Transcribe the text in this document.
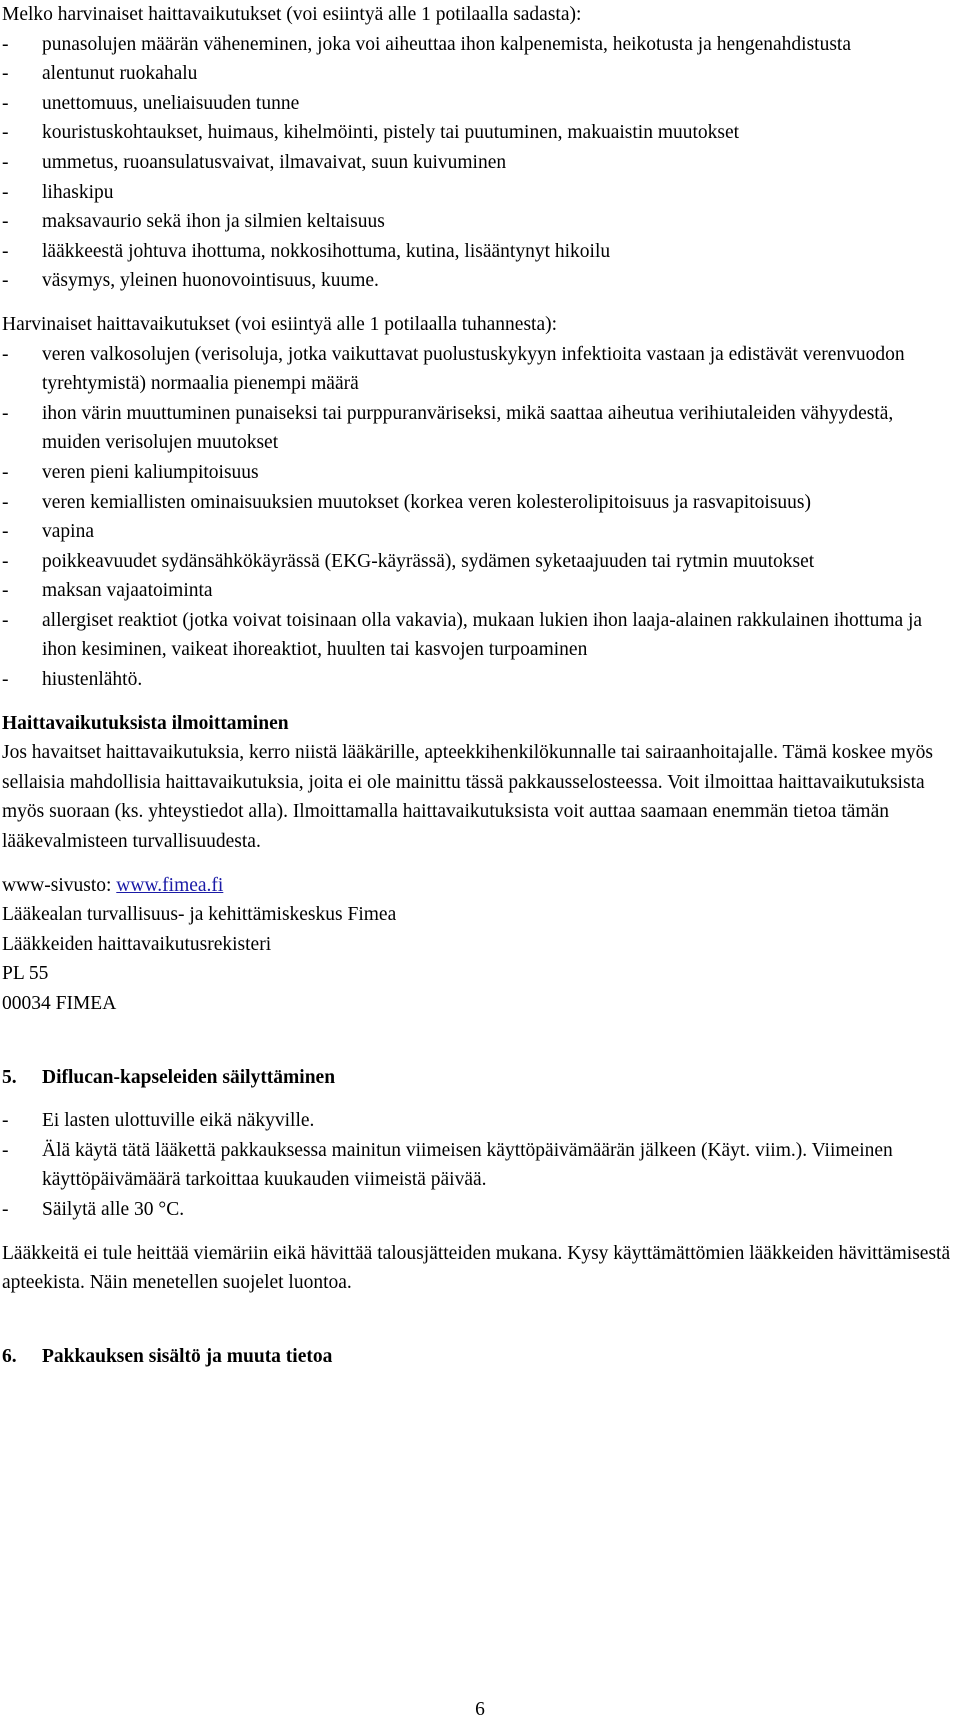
Melko harvinaiset haittavaikutukset (voi esiintyä alle 1 potilaalla sadasta):

-	punasolujen määrän väheneminen, joka voi aiheuttaa ihon kalpenemista, heikotusta ja hengenahdistusta
-	alentunut ruokahalu
-	unettomuus, uneliaisuuden tunne
-	kouristuskohtaukset, huimaus, kihelmöinti, pistely tai puutuminen, makuaistin muutokset
-	ummetus, ruoansulatusvaivat, ilmavaivat, suun kuivuminen
-	lihaskipu
-	maksavaurio sekä ihon ja silmien keltaisuus
-	lääkkeestä johtuva ihottuma, nokkosihottuma, kutina, lisääntynyt hikoilu
-	väsymys, yleinen huonovointisuus, kuume.

Harvinaiset haittavaikutukset (voi esiintyä alle 1 potilaalla tuhannesta):

-	veren valkosolujen (verisoluja, jotka vaikuttavat puolustuskykyyn infektioita vastaan ja edistävät verenvuodon tyrehtymistä) normaalia pienempi määrä
-	ihon värin muuttuminen punaiseksi tai purppuranväriseksi, mikä saattaa aiheutua verihiutaleiden vähyydestä, muiden verisolujen muutokset
-	veren pieni kaliumpitoisuus
-	veren kemiallisten ominaisuuksien muutokset (korkea veren kolesterolipitoisuus ja rasvapitoisuus)
-	vapina
-	poikkeavuudet sydänsähkökäyrässä (EKG-käyrässä), sydämen syketaajuuden tai rytmin muutokset
-	maksan vajaatoiminta
-	allergiset reaktiot (jotka voivat toisinaan olla vakavia), mukaan lukien ihon laaja-alainen rakkulainen ihottuma ja ihon kesiminen, vaikeat ihoreaktiot, huulten tai kasvojen turpoaminen
-	hiustenlähtö.

Haittavaikutuksista ilmoittaminen

Jos havaitset haittavaikutuksia, kerro niistä lääkärille, apteekkihenkilökunnalle tai sairaanhoitajalle. Tämä koskee myös sellaisia mahdollisia haittavaikutuksia, joita ei ole mainittu tässä pakkausselosteessa. Voit ilmoittaa haittavaikutuksista myös suoraan (ks. yhteystiedot alla). Ilmoittamalla haittavaikutuksista voit auttaa saamaan enemmän tietoa tämän lääkevalmisteen turvallisuudesta.

www-sivusto: www.fimea.fi

Lääkealan turvallisuus- ja kehittämiskeskus Fimea

Lääkkeiden haittavaikutusrekisteri

PL 55

00034 FIMEA

5.	Diflucan-kapseleiden säilyttäminen
-	Ei lasten ulottuville eikä näkyville.
-	Älä käytä tätä lääkettä pakkauksessa mainitun viimeisen käyttöpäivämäärän jälkeen (Käyt. viim.). Viimeinen käyttöpäivämäärä tarkoittaa kuukauden viimeistä päivää.
-	Säilytä alle 30 °C.

Lääkkeitä ei tule heittää viemäriin eikä hävittää talousjätteiden mukana. Kysy käyttämättömien lääkkeiden hävittämisestä apteekista. Näin menetellen suojelet luontoa.

6.	Pakkauksen sisältö ja muuta tietoa
6
